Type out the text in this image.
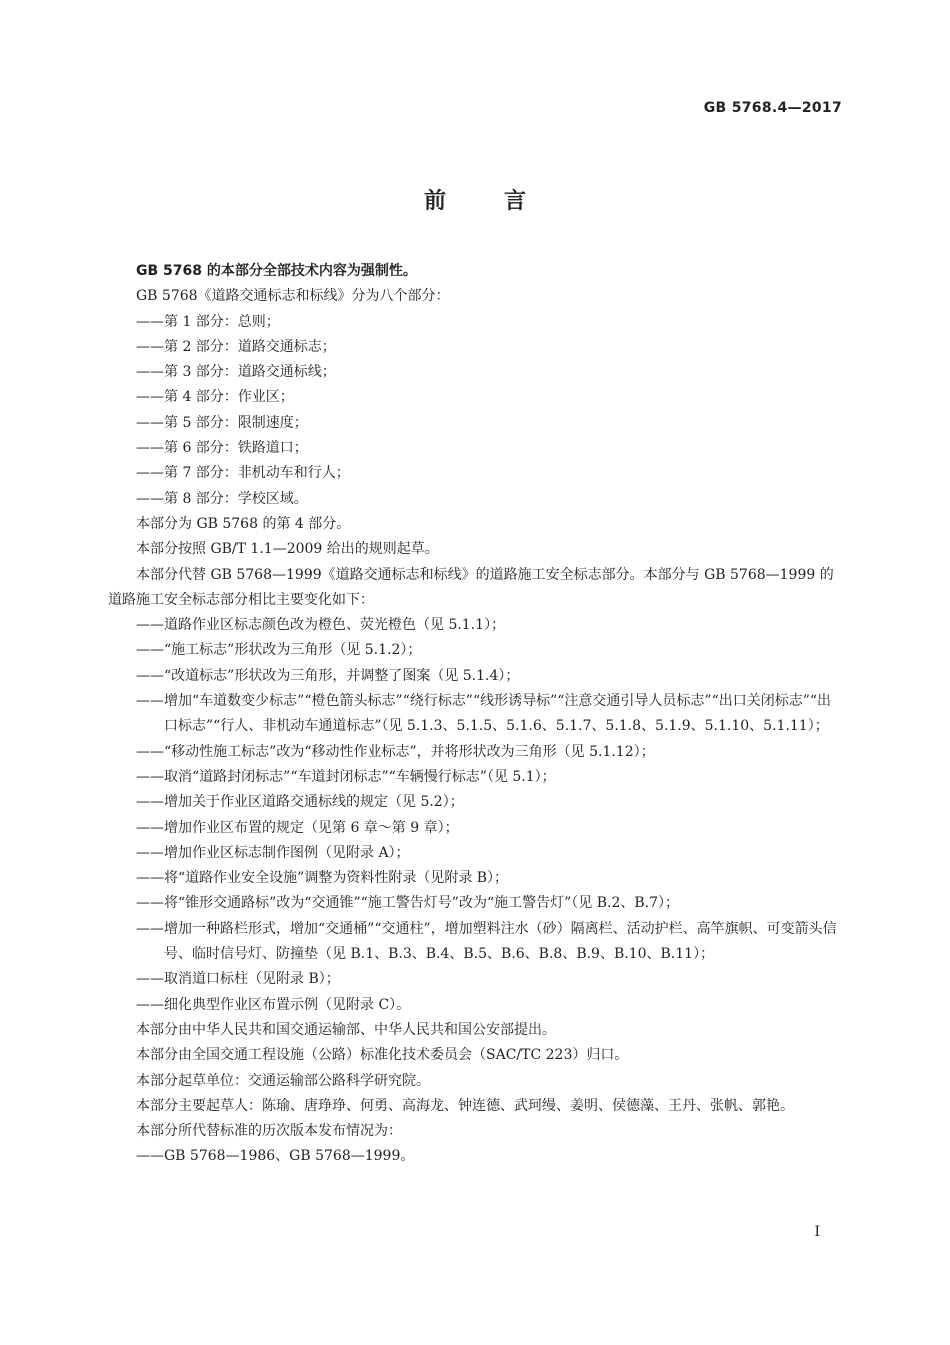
GB 5768.4—2017
前言

GB 5768 的本部分全部技术内容为强制性。

GB 5768《道路交通标志和标线》分为八个部分：

——第 1 部分：总则；

——第 2 部分：道路交通标志；

——第 3 部分：道路交通标线；

——第 4 部分：作业区；

——第 5 部分：限制速度；

——第 6 部分：铁路道口；

——第 7 部分：非机动车和行人；

——第 8 部分：学校区域。

本部分为 GB 5768 的第 4 部分。

本部分按照 GB/T 1.1—2009 给出的规则起草。

本部分代替 GB 5768—1999《道路交通标志和标线》的道路施工安全标志部分。本部分与 GB 5768—1999 的道路施工安全标志部分相比主要变化如下：

——道路作业区标志颜色改为橙色、荧光橙色（见 5.1.1）；

——“施工标志”形状改为三角形（见 5.1.2）；

——“改道标志”形状改为三角形，并调整了图案（见 5.1.4）；

——增加“车道数变少标志”“橙色箭头标志”“绕行标志”“线形诱导标”“注意交通引导人员标志”“出口关闭标志”“出口标志”“行人、非机动车通道标志”（见 5.1.3、5.1.5、5.1.6、5.1.7、5.1.8、5.1.9、5.1.10、5.1.11）；

——“移动性施工标志”改为“移动性作业标志”，并将形状改为三角形（见 5.1.12）；

——取消“道路封闭标志”“车道封闭标志”“车辆慢行标志”（见 5.1）；

——增加关于作业区道路交通标线的规定（见 5.2）；

——增加作业区布置的规定（见第 6 章～第 9 章）；

——增加作业区标志制作图例（见附录 A）；

——将“道路作业安全设施”调整为资料性附录（见附录 B）；

——将“锥形交通路标”改为“交通锥”“施工警告灯号”改为“施工警告灯”（见 B.2、B.7）；

——增加一种路栏形式，增加“交通桶”“交通柱”，增加塑料注水（砂）隔离栏、活动护栏、高竿旗帜、可变箭头信号、临时信号灯、防撞垫（见 B.1、B.3、B.4、B.5、B.6、B.8、B.9、B.10、B.11）；

——取消道口标柱（见附录 B）；

——细化典型作业区布置示例（见附录 C）。

本部分由中华人民共和国交通运输部、中华人民共和国公安部提出。

本部分由全国交通工程设施（公路）标准化技术委员会（SAC/TC 223）归口。

本部分起草单位：交通运输部公路科学研究院。

本部分主要起草人：陈瑜、唐琤琤、何勇、高海龙、钟连德、武珂缦、姜明、侯德藻、王丹、张帆、郭艳。

本部分所代替标准的历次版本发布情况为：

——GB 5768—1986、GB 5768—1999。

I
